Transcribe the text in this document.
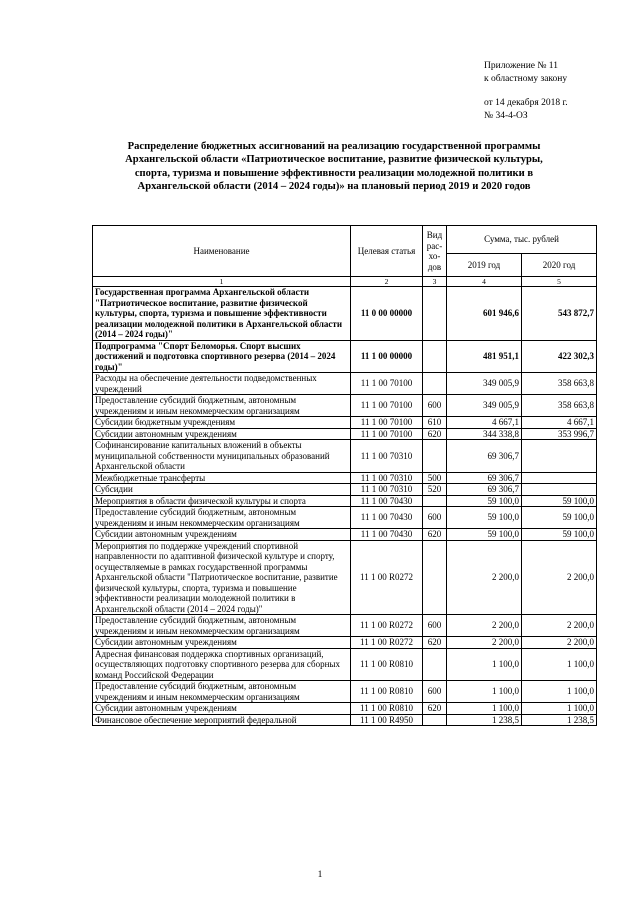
Приложение № 11
к областному закону
от 14 декабря 2018 г.
№ 34-4-ОЗ

Распределение бюджетных ассигнований на реализацию государственной программы Архангельской области «Патриотическое воспитание, развитие физической культуры, спорта, туризма и повышение эффективности реализации молодежной политики в Архангельской области (2014 – 2024 годы)» на плановый период 2019 и 2020 годов

Наименование	Целевая статья	Вид рас-хо-дов	Сумма, тыс. рублей	
			2019 год	2020 год
1	2	3	4	5
Государственная программа Архангельской области "Патриотическое воспитание, развитие физической культуры, спорта, туризма и повышение эффективности реализации молодежной политики в Архангельской области (2014 – 2024 годы)"	11 0 00 00000		601 946,6	543 872,7
Подпрограмма "Спорт Беломорья. Спорт высших достижений и подготовка спортивного резерва (2014 – 2024 годы)"	11 1 00 00000		481 951,1	422 302,3
Расходы на обеспечение деятельности подведомственных учреждений	11 1 00 70100		349 005,9	358 663,8
Предоставление субсидий бюджетным, автономным учреждениям и иным некоммерческим организациям	11 1 00 70100	600	349 005,9	358 663,8
Субсидии бюджетным учреждениям	11 1 00 70100	610	4 667,1	4 667,1
Субсидии автономным учреждениям	11 1 00 70100	620	344 338,8	353 996,7
Софинансирование капитальных вложений в объекты муниципальной собственности муниципальных образований Архангельской области	11 1 00 70310		69 306,7	
Межбюджетные трансферты	11 1 00 70310	500	69 306,7	
Субсидии	11 1 00 70310	520	69 306,7	
Мероприятия в области физической культуры и спорта	11 1 00 70430		59 100,0	59 100,0
Предоставление субсидий бюджетным, автономным учреждениям и иным некоммерческим организациям	11 1 00 70430	600	59 100,0	59 100,0
Субсидии автономным учреждениям	11 1 00 70430	620	59 100,0	59 100,0
Мероприятия по поддержке учреждений спортивной направленности по адаптивной физической культуре и спорту, осуществляемые в рамках государственной программы Архангельской области "Патриотическое воспитание, развитие физической культуры, спорта, туризма и повышение эффективности реализации молодежной политики в Архангельской области (2014 – 2024 годы)"	11 1 00 R0272		2 200,0	2 200,0
Предоставление субсидий бюджетным, автономным учреждениям и иным некоммерческим организациям	11 1 00 R0272	600	2 200,0	2 200,0
Субсидии автономным учреждениям	11 1 00 R0272	620	2 200,0	2 200,0
Адресная финансовая поддержка спортивных организаций, осуществляющих подготовку спортивного резерва для сборных команд Российской Федерации	11 1 00 R0810		1 100,0	1 100,0
Предоставление субсидий бюджетным, автономным учреждениям и иным некоммерческим организациям	11 1 00 R0810	600	1 100,0	1 100,0
Субсидии автономным учреждениям	11 1 00 R0810	620	1 100,0	1 100,0
Финансовое обеспечение мероприятий федеральной	11 1 00 R4950		1 238,5	1 238,5
1
